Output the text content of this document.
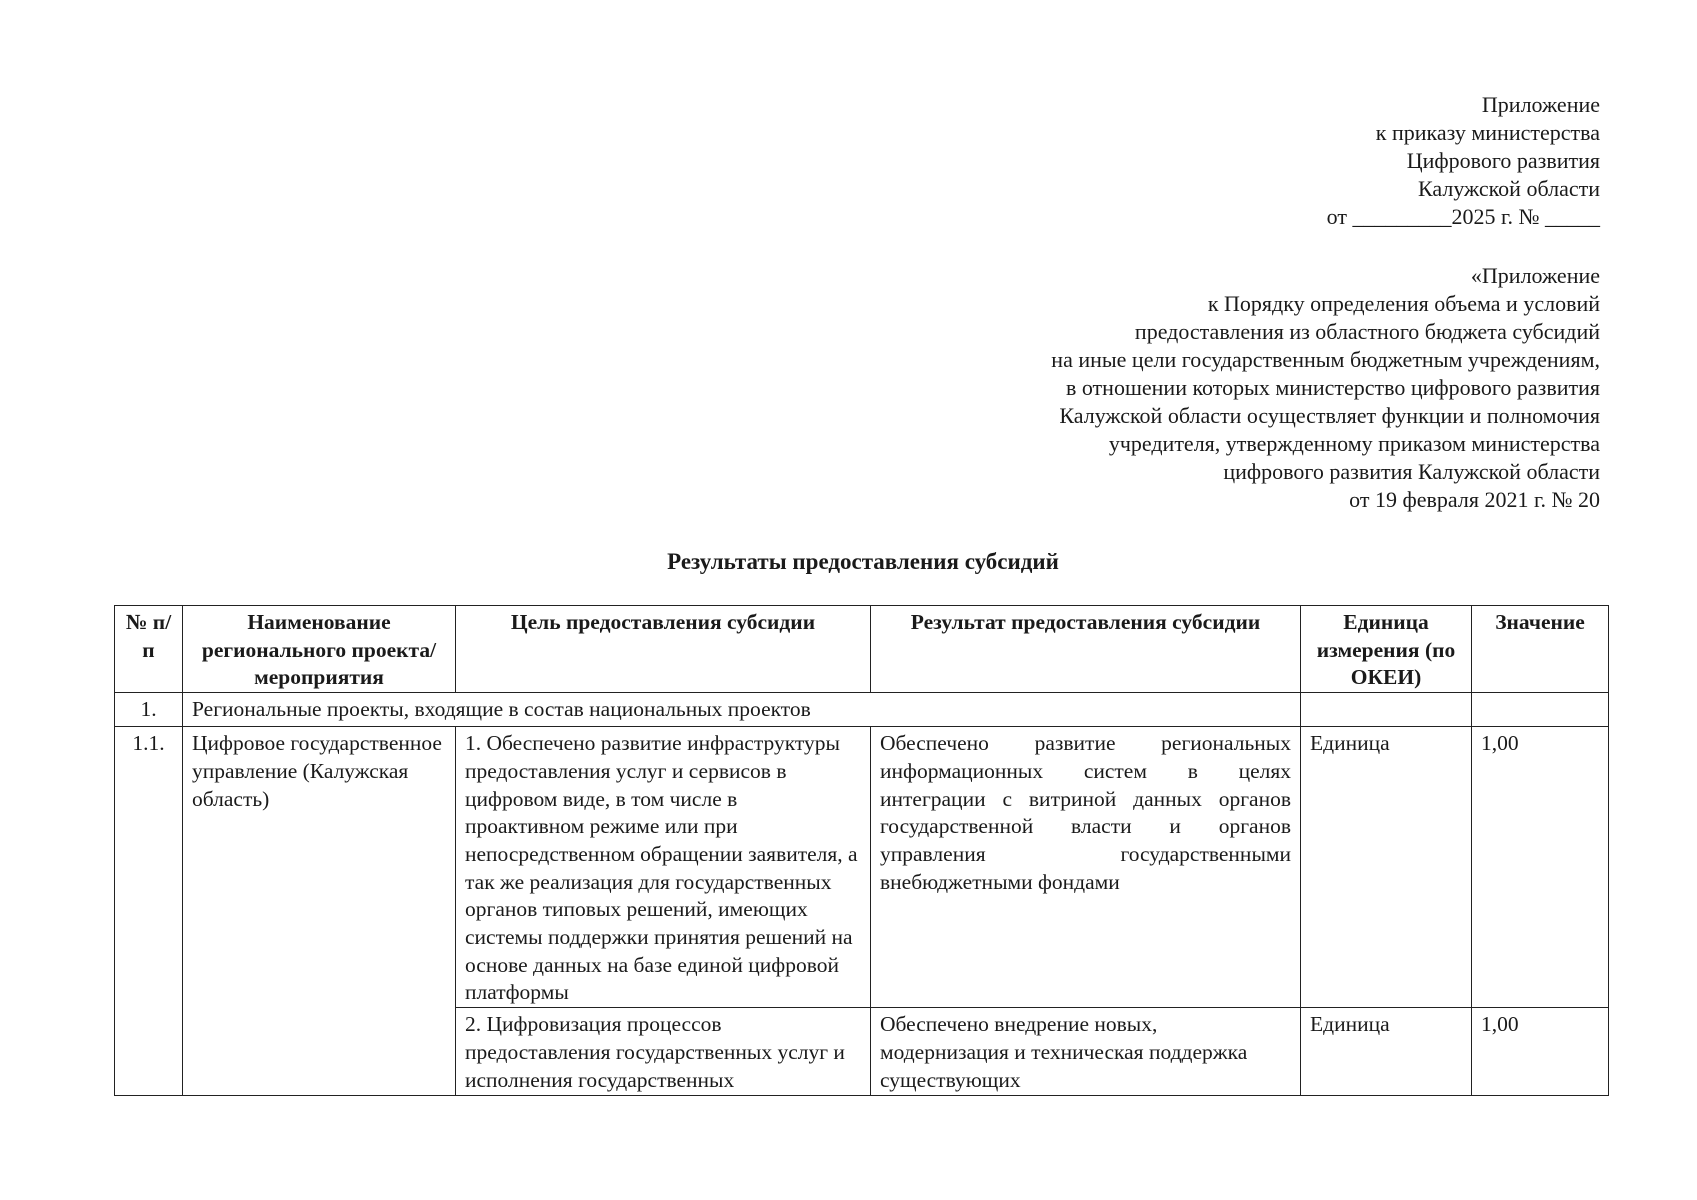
Приложение
к приказу министерства
Цифрового развития
Калужской области
от _________2025 г. № _____
«Приложение
к Порядку определения объема и условий
предоставления из областного бюджета субсидий
на иные цели государственным бюджетным учреждениям,
в отношении которых министерство цифрового развития
Калужской области осуществляет функции и полномочия
учредителя, утвержденному приказом министерства
цифрового развития Калужской области
от 19 февраля 2021 г. № 20
Результаты предоставления субсидий
№ п/п	Наименование регионального проекта/мероприятия	Цель предоставления субсидии	Результат предоставления субсидии	Единица измерения (по ОКЕИ)	Значение
1.	Региональные проекты, входящие в состав национальных проектов				
1.1.	Цифровое государственное управление (Калужская область)	1. Обеспечено развитие инфраструктуры предоставления услуг и сервисов в цифровом виде, в том числе в проактивном режиме или при непосредственном обращении заявителя, а так же реализация для государственных органов типовых решений, имеющих системы поддержки принятия решений на основе данных на базе единой цифровой платформы	Обеспечено развитие региональных информационных систем в целях интеграции с витриной данных органов государственной власти и органов управления государственными внебюджетными фондами	Единица	1,00
		2. Цифровизация процессов предоставления государственных услуг и исполнения государственных	Обеспечено внедрение новых, модернизация и техническая поддержка существующих	Единица	1,00
